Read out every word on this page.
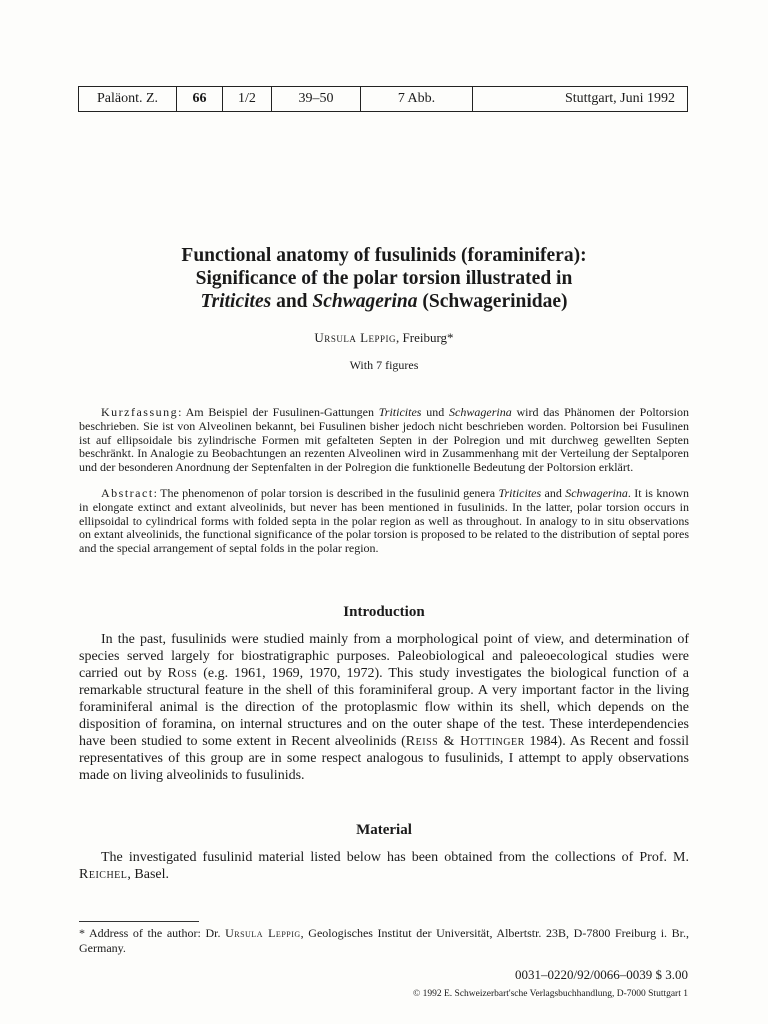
Paläont. Z.	66	1/2	39–50	7 Abb.	Stuttgart, Juni 1992
Functional anatomy of fusulinids (foraminifera):
Significance of the polar torsion illustrated in
Triticites and Schwagerina (Schwagerinidae)
Ursula Leppig, Freiburg*
With 7 figures

Kurzfassung: Am Beispiel der Fusulinen-Gattungen Triticites und Schwagerina wird das Phänomen der Poltorsion beschrieben. Sie ist von Alveolinen bekannt, bei Fusulinen bisher jedoch nicht beschrieben worden. Poltorsion bei Fusulinen ist auf ellipsoidale bis zylindrische Formen mit gefalteten Septen in der Polregion und mit durchweg gewellten Septen beschränkt. In Analogie zu Beobachtungen an rezenten Alveolinen wird in Zusammenhang mit der Verteilung der Septalporen und der besonderen Anordnung der Septenfalten in der Polregion die funktionelle Bedeutung der Poltorsion erklärt.

Abstract: The phenomenon of polar torsion is described in the fusulinid genera Triticites and Schwagerina. It is known in elongate extinct and extant alveolinids, but never has been mentioned in fusulinids. In the latter, polar torsion occurs in ellipsoidal to cylindrical forms with folded septa in the polar region as well as throughout. In analogy to in situ observations on extant alveolinids, the functional significance of the polar torsion is proposed to be related to the distribution of septal pores and the special arrangement of septal folds in the polar region.

Introduction

In the past, fusulinids were studied mainly from a morphological point of view, and determination of species served largely for biostratigraphic purposes. Paleobiological and paleoecological studies were carried out by Ross (e.g. 1961, 1969, 1970, 1972). This study investigates the biological function of a remarkable structural feature in the shell of this foraminiferal group. A very important factor in the living foraminiferal animal is the direction of the protoplasmic flow within its shell, which depends on the disposition of foramina, on internal structures and on the outer shape of the test. These interdependencies have been studied to some extent in Recent alveolinids (Reiss & Hottinger 1984). As Recent and fossil representatives of this group are in some respect analogous to fusulinids, I attempt to apply observations made on living alveolinids to fusulinids.

Material

The investigated fusulinid material listed below has been obtained from the collections of Prof. M. Reichel, Basel.

* Address of the author: Dr. Ursula Leppig, Geologisches Institut der Universität, Albertstr. 23B, D-7800 Freiburg i. Br., Germany.

0031–0220/92/0066–0039 $ 3.00
© 1992 E. Schweizerbart'sche Verlagsbuchhandlung, D-7000 Stuttgart 1
